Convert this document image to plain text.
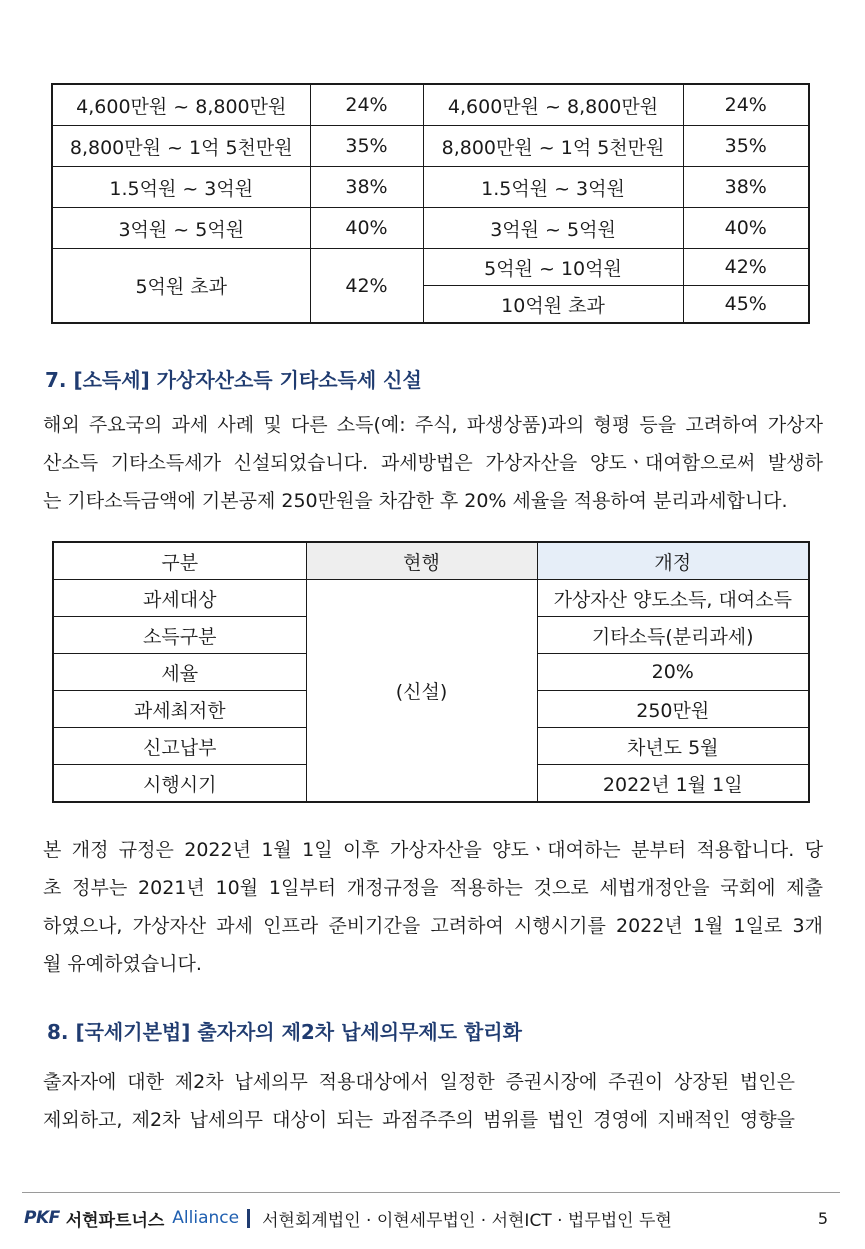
4,600만원 ~ 8,800만원	24%	4,600만원 ~ 8,800만원	24%
8,800만원 ~ 1억 5천만원	35%	8,800만원 ~ 1억 5천만원	35%
1.5억원 ~ 3억원	38%	1.5억원 ~ 3억원	38%
3억원 ~ 5억원	40%	3억원 ~ 5억원	40%
5억원 초과	42%	5억원 ~ 10억원	42%
		10억원 초과	45%
7. [소득세] 가상자산소득 기타소득세 신설

해외 주요국의 과세 사례 및 다른 소득(예: 주식, 파생상품)과의 형평 등을 고려하여 가상자
산소득 기타소득세가 신설되었습니다. 과세방법은 가상자산을 양도ㆍ대여함으로써 발생하
는 기타소득금액에 기본공제 250만원을 차감한 후 20% 세율을 적용하여 분리과세합니다.

구분	현행	개정
과세대상	(신설)	가상자산 양도소득, 대여소득
소득구분		기타소득(분리과세)
세율		20%
과세최저한		250만원
신고납부		차년도 5월
시행시기		2022년 1월 1일

본 개정 규정은 2022년 1월 1일 이후 가상자산을 양도ㆍ대여하는 분부터 적용합니다. 당
초 정부는 2021년 10월 1일부터 개정규정을 적용하는 것으로 세법개정안을 국회에 제출
하였으나, 가상자산 과세 인프라 준비기간을 고려하여 시행시기를 2022년 1월 1일로 3개
월 유예하였습니다.

8. [국세기본법] 출자자의 제2차 납세의무제도 합리화

출자자에 대한 제2차 납세의무 적용대상에서 일정한 증권시장에 주권이 상장된 법인은
제외하고, 제2차 납세의무 대상이 되는 과점주주의 범위를 법인 경영에 지배적인 영향을

PKF 서현파트너스 Alliance 서현회계법인 · 이현세무법인 · 서현ICT · 법무법인 두현	5
